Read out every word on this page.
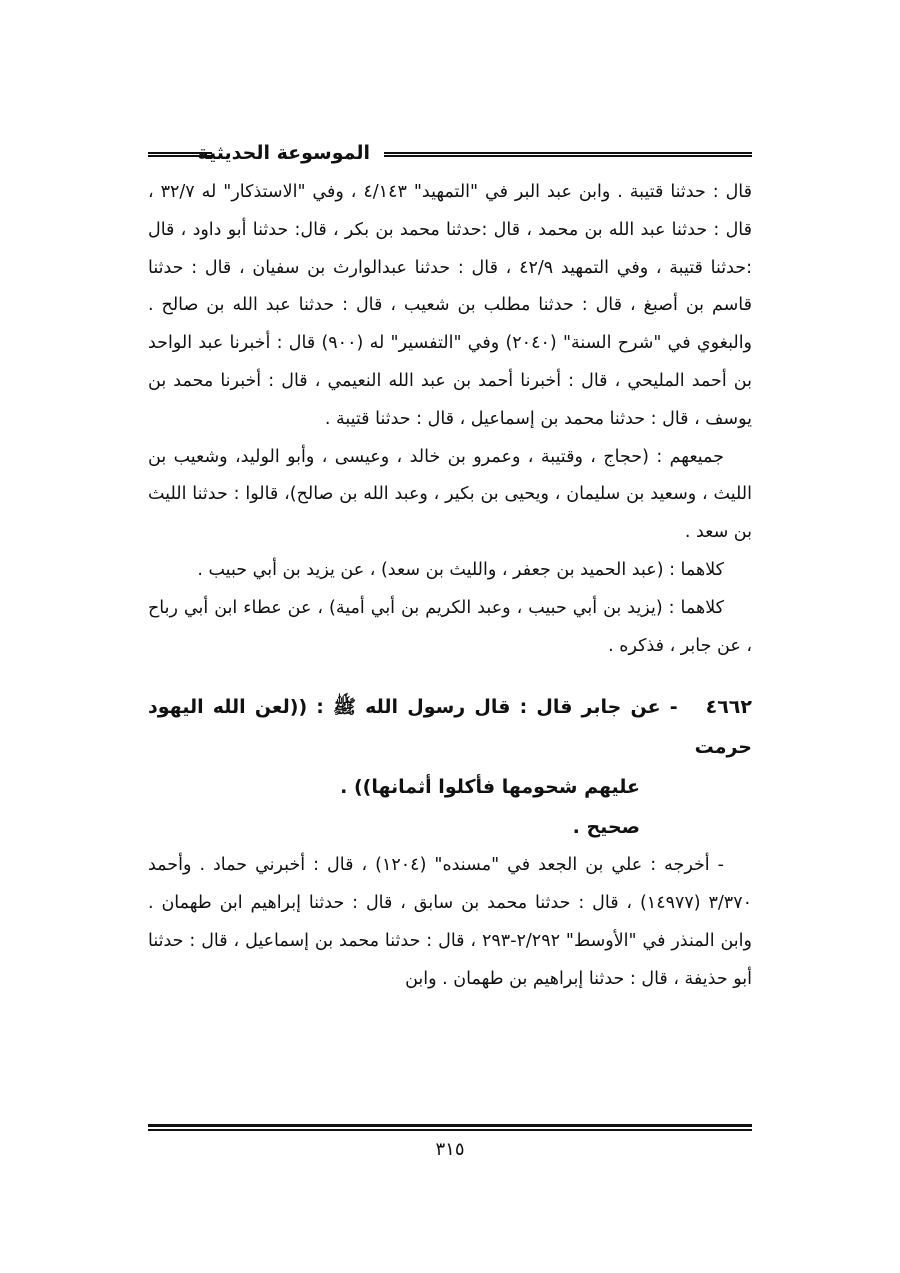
الموسوعة الحديثية

قال : حدثنا قتيبة . وابن عبد البر في "التمهيد" ٤/١٤٣ ، وفي "الاستذكار" له ٣٢/٧ ، قال : حدثنا عبد الله بن محمد ، قال :حدثنا محمد بن بكر ، قال: حدثنا أبو داود ، قال :حدثنا قتيبة ، وفي التمهيد ٤٢/٩ ، قال : حدثنا عبدالوارث بن سفيان ، قال : حدثنا قاسم بن أصبغ ، قال : حدثنا مطلب بن شعيب ، قال : حدثنا عبد الله بن صالح . والبغوي في "شرح السنة" (٢٠٤٠) وفي "التفسير" له (٩٠٠) قال : أخبرنا عبد الواحد بن أحمد المليحي ، قال : أخبرنا أحمد بن عبد الله النعيمي ، قال : أخبرنا محمد بن يوسف ، قال : حدثنا محمد بن إسماعيل ، قال : حدثنا قتيبة .

جميعهم : (حجاج ، وقتيبة ، وعمرو بن خالد ، وعيسى ، وأبو الوليد، وشعيب بن الليث ، وسعيد بن سليمان ، ويحيى بن بكير ، وعبد الله بن صالح)، قالوا : حدثنا الليث بن سعد .

كلاهما : (عبد الحميد بن جعفر ، والليث بن سعد) ، عن يزيد بن أبي حبيب .

كلاهما : (يزيد بن أبي حبيب ، وعبد الكريم بن أبي أمية) ، عن عطاء ابن أبي رباح ، عن جابر ، فذكره .

٤٦٦٢- عن جابر قال : قال رسول الله ﷺ : ((لعن الله اليهود حرمت
عليهم شحومها فأكلوا أثمانها)) .

صحيح .

- أخرجه : علي بن الجعد في "مسنده" (١٢٠٤) ، قال : أخبرني حماد . وأحمد ٣/٣٧٠ (١٤٩٧٧) ، قال : حدثنا محمد بن سابق ، قال : حدثنا إبراهيم ابن طهمان . وابن المنذر في "الأوسط" ٢/٢٩٢-٢٩٣ ، قال : حدثنا محمد بن إسماعيل ، قال : حدثنا أبو حذيفة ، قال : حدثنا إبراهيم بن طهمان . وابن

٣١٥
